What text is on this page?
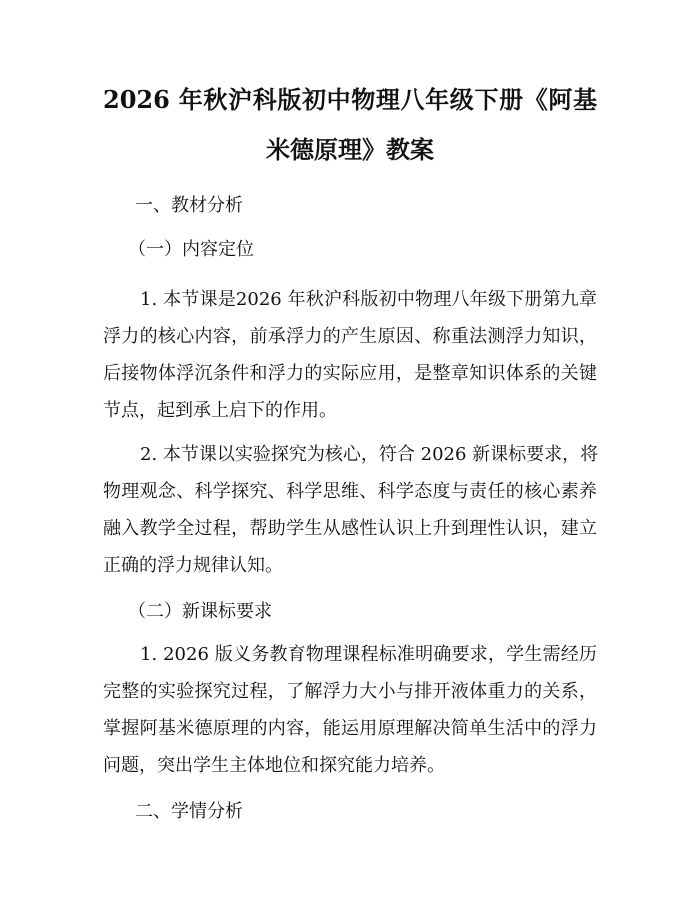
2026 年秋沪科版初中物理八年级下册《阿基
米德原理》教案
一、教材分析
（一）内容定位
1. 本节课是2026 年秋沪科版初中物理八年级下册第九章
浮力的核心内容，前承浮力的产生原因、称重法测浮力知识，
后接物体浮沉条件和浮力的实际应用，是整章知识体系的关键
节点，起到承上启下的作用。
2. 本节课以实验探究为核心，符合 2026 新课标要求，将
物理观念、科学探究、科学思维、科学态度与责任的核心素养
融入教学全过程，帮助学生从感性认识上升到理性认识，建立
正确的浮力规律认知。
（二）新课标要求
1. 2026 版义务教育物理课程标准明确要求，学生需经历
完整的实验探究过程，了解浮力大小与排开液体重力的关系，
掌握阿基米德原理的内容，能运用原理解决简单生活中的浮力
问题，突出学生主体地位和探究能力培养。
二、学情分析
